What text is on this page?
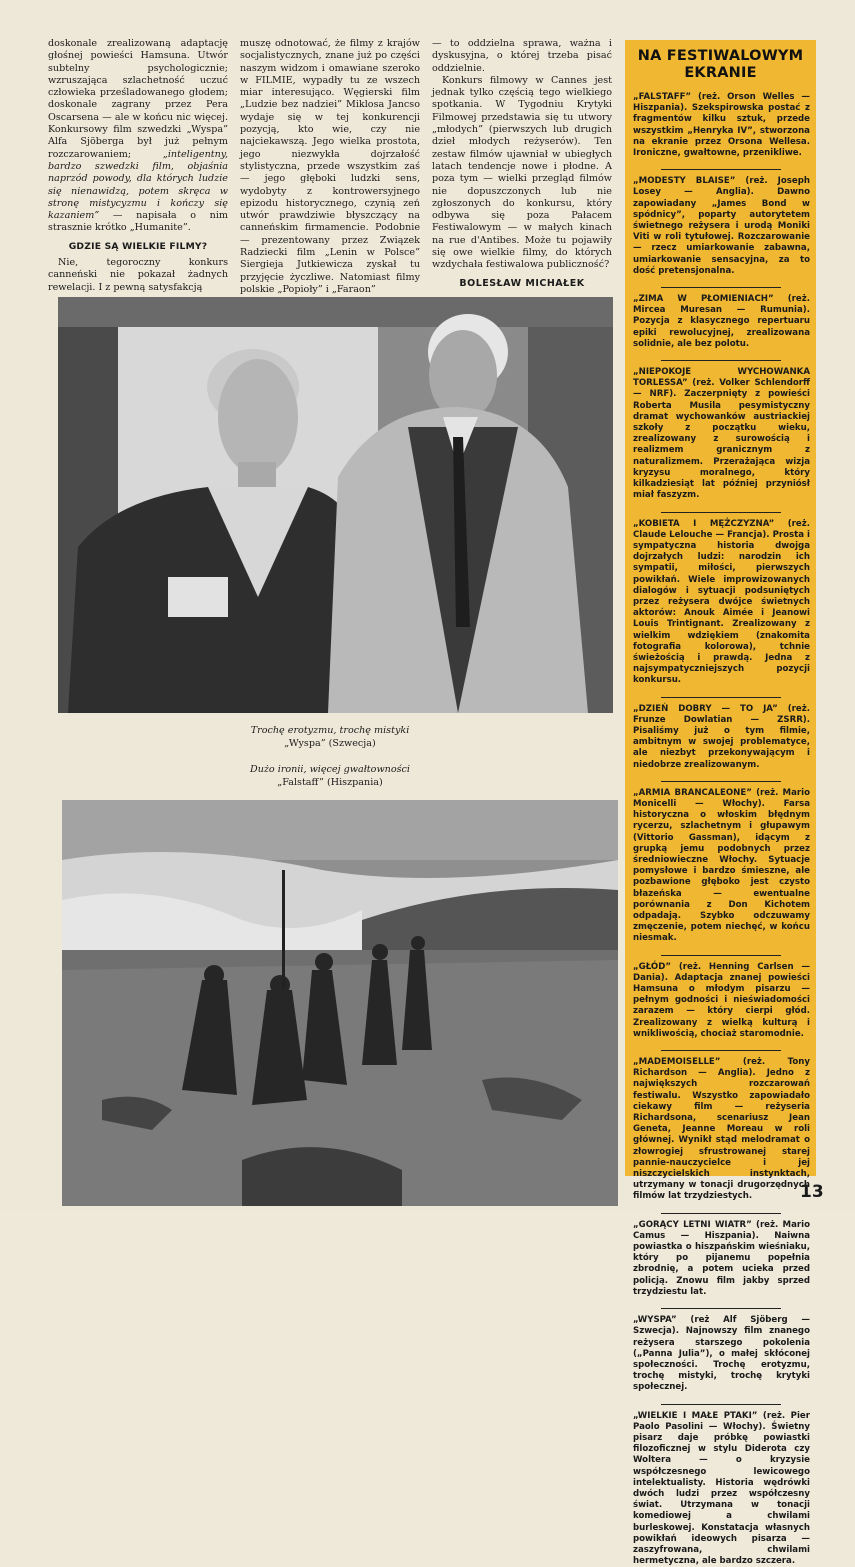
doskonale zrealizowaną adaptację głośnej powieści Hamsuna. Utwór subtelny psychologicznie; wzruszająca szlachetność uczuć człowieka prześladowanego głodem; doskonale zagrany przez Pera Oscarsena — ale w końcu nic więcej. Konkursowy film szwedzki „Wyspa” Alfa Sjöberga był już pełnym rozczarowaniem;	„inteligentny, bardzo szwedzki film, objaśnia naprzód powody, dla których ludzie się nienawidzą, potem skręca w stronę mistycyzmu i kończy się kazaniem” — napisała o nim strasznie krótko „Humanite”.

GDZIE SĄ WIELKIE FILMY?

Nie, tegoroczny konkurs canneński nie pokazał żadnych rewelacji. I z pewną satysfakcją

muszę odnotować, że filmy z krajów socjalistycznych, znane już po części naszym widzom i omawiane szeroko w FILMIE, wypadły tu ze wszech miar interesująco. Węgierski film „Ludzie bez nadziei” Miklosa Jancso wydaje się w tej konkurencji pozycją, kto wie, czy nie najciekawszą. Jego wielka prostota, jego niezwykła dojrzałość stylistyczna, przede wszystkim zaś — jego głęboki ludzki sens, wydobyty z kontrowersyjnego epizodu historycznego, czynią zeń utwór prawdziwie błyszczący na canneńskim firmamencie. Podobnie — prezentowany przez Związek Radziecki film „Lenin w Polsce” Siergieja Jutkiewicza zyskał tu przyjęcie życzliwe. Natomiast filmy polskie „Popioły” i „Faraon”

— to oddzielna sprawa, ważna i dyskusyjna, o której trzeba pisać oddzielnie.

Konkurs filmowy w Cannes jest jednak tylko częścią tego wielkiego spotkania. W Tygodniu Krytyki Filmowej przedstawia się tu utwory „młodych” (pierwszych lub drugich dzieł młodych reżyserów). Ten zestaw filmów ujawniał w ubiegłych latach tendencje nowe i płodne. A poza tym — wielki przegląd filmów nie dopuszczonych lub nie zgłoszonych do konkursu, który odbywa się poza Pałacem Festiwalowym — w małych kinach na rue d'Antibes. Może tu pojawiły się owe wielkie filmy, do których wzdychała festiwalowa publiczność?

BOLESŁAW MICHAŁEK
Trochę erotyzmu, trochę mistyki
„Wyspa” (Szwecja)
Dużo ironii, więcej gwałtowności
„Falstaff” (Hiszpania)
NA FESTIWALOWYM
EKRANIE
„FALSTAFF” (reż. Orson Welles — Hiszpania). Szekspirowska postać z fragmentów kilku sztuk, przede wszystkim „Henryka IV”, stworzona na ekranie przez Orsona Wellesa. Ironiczne, gwałtowne, przenikliwe.
„MODESTY BLAISE” (reż. Joseph Losey — Anglia). Dawno zapowiadany „James Bond w spódnicy”, poparty autorytetem świetnego reżysera i urodą Moniki Viti w roli tytułowej. Rozczarowanie — rzecz umiarkowanie zabawna, umiarkowanie sensacyjna, za to dość pretensjonalna.
„ZIMA W PŁOMIENIACH” (reż. Mircea Muresan — Rumunia). Pozycja z klasycznego repertuaru epiki rewolucyjnej, zrealizowana solidnie, ale bez polotu.
„NIEPOKOJE WYCHOWANKA TORLESSA” (reż. Volker Schlendorff — NRF). Zaczerpnięty z powieści Roberta Musila pesymistyczny dramat wychowanków austriackiej szkoły z początku wieku, zrealizowany z surowością i realizmem granicznym z naturalizmem. Przerażająca wizja kryzysu moralnego, który kilkadziesiąt lat później przyniósł miał faszyzm.
„KOBIETA I MĘŻCZYZNA” (reż. Claude Lelouche — Francja). Prosta i sympatyczna historia dwojga dojrzałych ludzi: narodzin ich sympatii, miłości, pierwszych powikłań. Wiele improwizowanych dialogów i sytuacji podsuniętych przez reżysera dwójce świetnych aktorów: Anouk Aimée i Jeanowi Louis Trintignant. Zrealizowany z wielkim wdziękiem (znakomita fotografia kolorowa), tchnie świeżością i prawdą. Jedna z najsympatyczniejszych pozycji konkursu.
„DZIEŃ DOBRY — TO JA” (reż. Frunze Dowlatian — ZSRR). Pisaliśmy już o tym filmie, ambitnym w swojej problematyce, ale niezbyt przekonywającym i niedobrze zrealizowanym.
„ARMIA BRANCALEONE” (reż. Mario Monicelli — Włochy). Farsa historyczna o włoskim błędnym rycerzu, szlachetnym i głupawym (Vittorio Gassman), idącym z grupką jemu podobnych przez średniowieczne Włochy. Sytuacje pomysłowe i bardzo śmieszne, ale pozbawione głęboko jest czysto błazeńska — ewentualne porównania z Don Kichotem odpadają. Szybko odczuwamy zmęczenie, potem niechęć, w końcu niesmak.
„GŁÓD” (reż. Henning Carlsen — Dania). Adaptacja znanej powieści Hamsuna o młodym pisarzu — pełnym godności i nieświadomości zarazem — który cierpi głód. Zrealizowany z wielką kulturą i wnikliwością, chociaż staromodnie.
„MADEMOISELLE”	(reż. Tony Richardson — Anglia). Jedno z największych rozczarowań festiwalu. Wszystko zapowiadało ciekawy film — reżyseria Richardsona, scenariusz Jean Geneta, Jeanne Moreau w roli głównej. Wynikł stąd melodramat o złowrogiej sfrustrowanej starej pannie-nauczycielce i jej niszczycielskich instynktach, utrzymany w tonacji drugorzędnych filmów lat trzydziestych.
„GORĄCY LETNI WIATR” (reż. Mario Camus — Hiszpania). Naiwna powiastka o hiszpańskim wieśniaku, który po pijanemu popełnia zbrodnię, a potem ucieka przed policją. Znowu film jakby sprzed trzydziestu lat.
„WYSPA” (reż Alf Sjöberg — Szwecja). Najnowszy film znanego reżysera starszego pokolenia („Panna Julia”), o małej skłóconej społeczności. Trochę erotyzmu, trochę mistyki, trochę krytyki społecznej.
„WIELKIE I MAŁE PTAKI” (reż. Pier Paolo Pasolini — Włochy). Świetny pisarz daje próbkę powiastki filozoficznej w stylu Diderota czy Woltera — o kryzysie współczesnego lewicowego intelektualisty. Historia wędrówki dwóch ludzi przez współczesny świat. Utrzymana w tonacji komediowej a chwilami burleskowej. Konstatacja własnych powikłań ideowych pisarza — zaszyfrowana, chwilami hermetyczna, ale bardzo szczera.
13
